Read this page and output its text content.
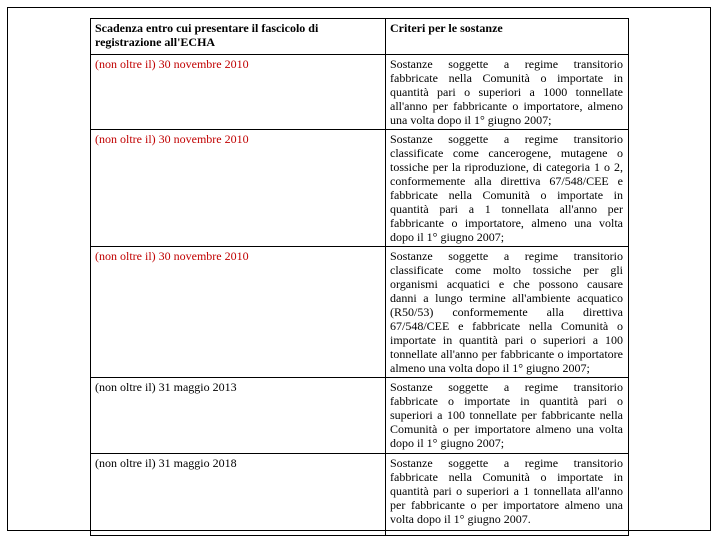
Scadenza entro cui presentare il fascicolo di registrazione all'ECHA	Criteri per le sostanze
(non oltre il) 30 novembre 2010	Sostanze soggette a regime transitorio fabbricate nella Comunità o importate in quantità pari o superiori a 1000 tonnellate all'anno per fabbricante o importatore, almeno una volta dopo il 1° giugno 2007;
(non oltre il) 30 novembre 2010	Sostanze soggette a regime transitorio classificate come cancerogene, mutagene o tossiche per la riproduzione, di categoria 1 o 2, conformemente alla direttiva 67/548/CEE e fabbricate nella Comunità o importate in quantità pari a 1 tonnellata all'anno per fabbricante o importatore, almeno una volta dopo il 1° giugno 2007;
(non oltre il) 30 novembre 2010	Sostanze soggette a regime transitorio classificate come molto tossiche per gli organismi acquatici e che possono causare danni a lungo termine all'ambiente acquatico (R50/53) conformemente alla direttiva 67/548/CEE e fabbricate nella Comunità o importate in quantità pari o superiori a 100 tonnellate all'anno per fabbricante o importatore almeno una volta dopo il 1° giugno 2007;
(non oltre il) 31 maggio 2013	Sostanze soggette a regime transitorio fabbricate o importate in quantità pari o superiori a 100 tonnellate per fabbricante nella Comunità o per importatore almeno una volta dopo il 1° giugno 2007;
(non oltre il) 31 maggio 2018	Sostanze soggette a regime transitorio fabbricate nella Comunità o importate in quantità pari o superiori a 1 tonnellata all'anno per fabbricante o per importatore almeno una volta dopo il 1° giugno 2007.
